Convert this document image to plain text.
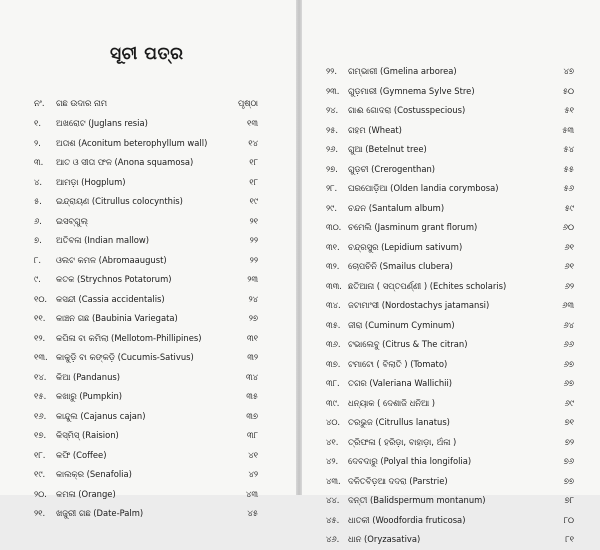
ସୂଚୀ ପତ୍ର
ନଂ. ଗଛ ଉଦାର ନାମ	ପୃଷ୍ଠା
୧. ଅଖରୋଟ (Juglans resia)	୧୩
୨. ଅତାଶ (Aconitum beterophyllum wall)	୧୪
୩. ଆତ ଓ ସୀତା ଫଳ (Anona squamosa)	୧୮
୪. ଆମଡ଼ା (Hogplum)	୧୮
୫. ଇନ୍ଦ୍ରାୟଣ (Citrullus colocynthis)	୧୯
୬. ଇସବ୍ଗୁଲ୍	୨୧
୭. ଅତିବଳା (Indian mallow)	୨୨
୮. ଓଲଟ କମଳ (Abromaaugust)	୨୨
୯. କତକ (Strychnos Potatorum)	୨୩
୧୦. କସନ୍ଦୀ (Cassia accidentalis)	୨୪
୧୧. କାଞ୍ଚନ ଗଛ (Baubinia Variegata)	୨୭
୧୨. କପିଳା ବା କମିଲା (Mellotom-Phillipines)	୩୧
୧୩. କାକୁଡ଼ି ବା କଙ୍କଡ଼ି (Cucumis-Sativus)	୩୨
୧୪. କିଆ (Pandanus)	୩୪
୧୫. କଖାରୁ (Pumpkin)	୩୫
୧୬. କାନ୍ଦୁଲ (Cajanus cajan)	୩୭
୧୭. କିସ୍ମିସ୍ (Raision)	୩୮
୧୮. କଫି (Coffee)	୪୧
୧୯. କାଲକ୍ର (Senafolia)	୪୨
୨୦. କମଳା (Orange)	୪୩
୨୧. ଖଜୁରୀ ଗଛ (Date-Palm)	୪୫
୨୨. ଗମ୍ଭାରୀ (Gmelina arborea)	୪୭
୨୩. ଗୁଡ଼ମାରୀ (Gymnema Sylve Stre)	୫୦
୨୪. ଗାଈ ଗୋଦରା (Costusspecious)	୫୧
୨୫. ଗହମ (Wheat)	୫୩
୨୬. ଗୁଆ (Betelnut tree)	୫୪
୨୭. ଗୁଡ଼ଚୀ (Crerogenthan)	୫୫
୨୮. ଘରପୋଡ଼ିଆ (Olden landia corymbosa)	୫୬
୨୯. ଚନ୍ଦନ (Santalum album)	୫୯
୩୦. ଚମେଲି (Jasminum grant florum)	୬୦
୩୧. ଚନ୍ଦ୍ରସୁର (Lepidium sativum)	୬୧
୩୨. ଚୋପଚିନି (Smailus clubera)	୬୧
୩୩. ଛତିଆନା ( ସପ୍ତପର୍ଣ୍ଣୀ ) (Echites scholaris)	୬୨
୩୪. ଜଟାମାଂସୀ (Nordostachys jatamansi)	୬୩
୩୫. ଜୀରା (Cuminum Cyminum)	୬୪
୩୬. ଟଭାଲେବୁ (Citrus & The citran)	୬୬
୩୭. ଟମାଟୋ ( ବିଲାତି ) (Tomato)	୬୭
୩୮. ତଗର (Valeriana Wallichii)	୬୭
୩୯. ଧନ୍ୟାକ ( ଦେଶାଜି ଧନିଆ )	୬୯
୪୦. ତରଭୁଜ (Citrullus lanatus)	୭୧
୪୧. ତ୍ରିଫଳା ( ହରିଡ଼ା, ବାହାଡ଼ା, ଅଁଳା )	୭୨
୪୨. ଦେବଦାରୁ (Polyal thia longifolia)	୭୬
୪୩. ଦଳିତବିଡ଼ଆ ଦଦରା (Parstrie)	୭୭
୪୪. ଦନ୍ତୀ (Balidspermum montanum)	୭୮
୪୫. ଧାତକୀ (Woodfordia fruticosa)	୮୦
୪୬. ଧାନ (Oryzasativa)	୮୧
